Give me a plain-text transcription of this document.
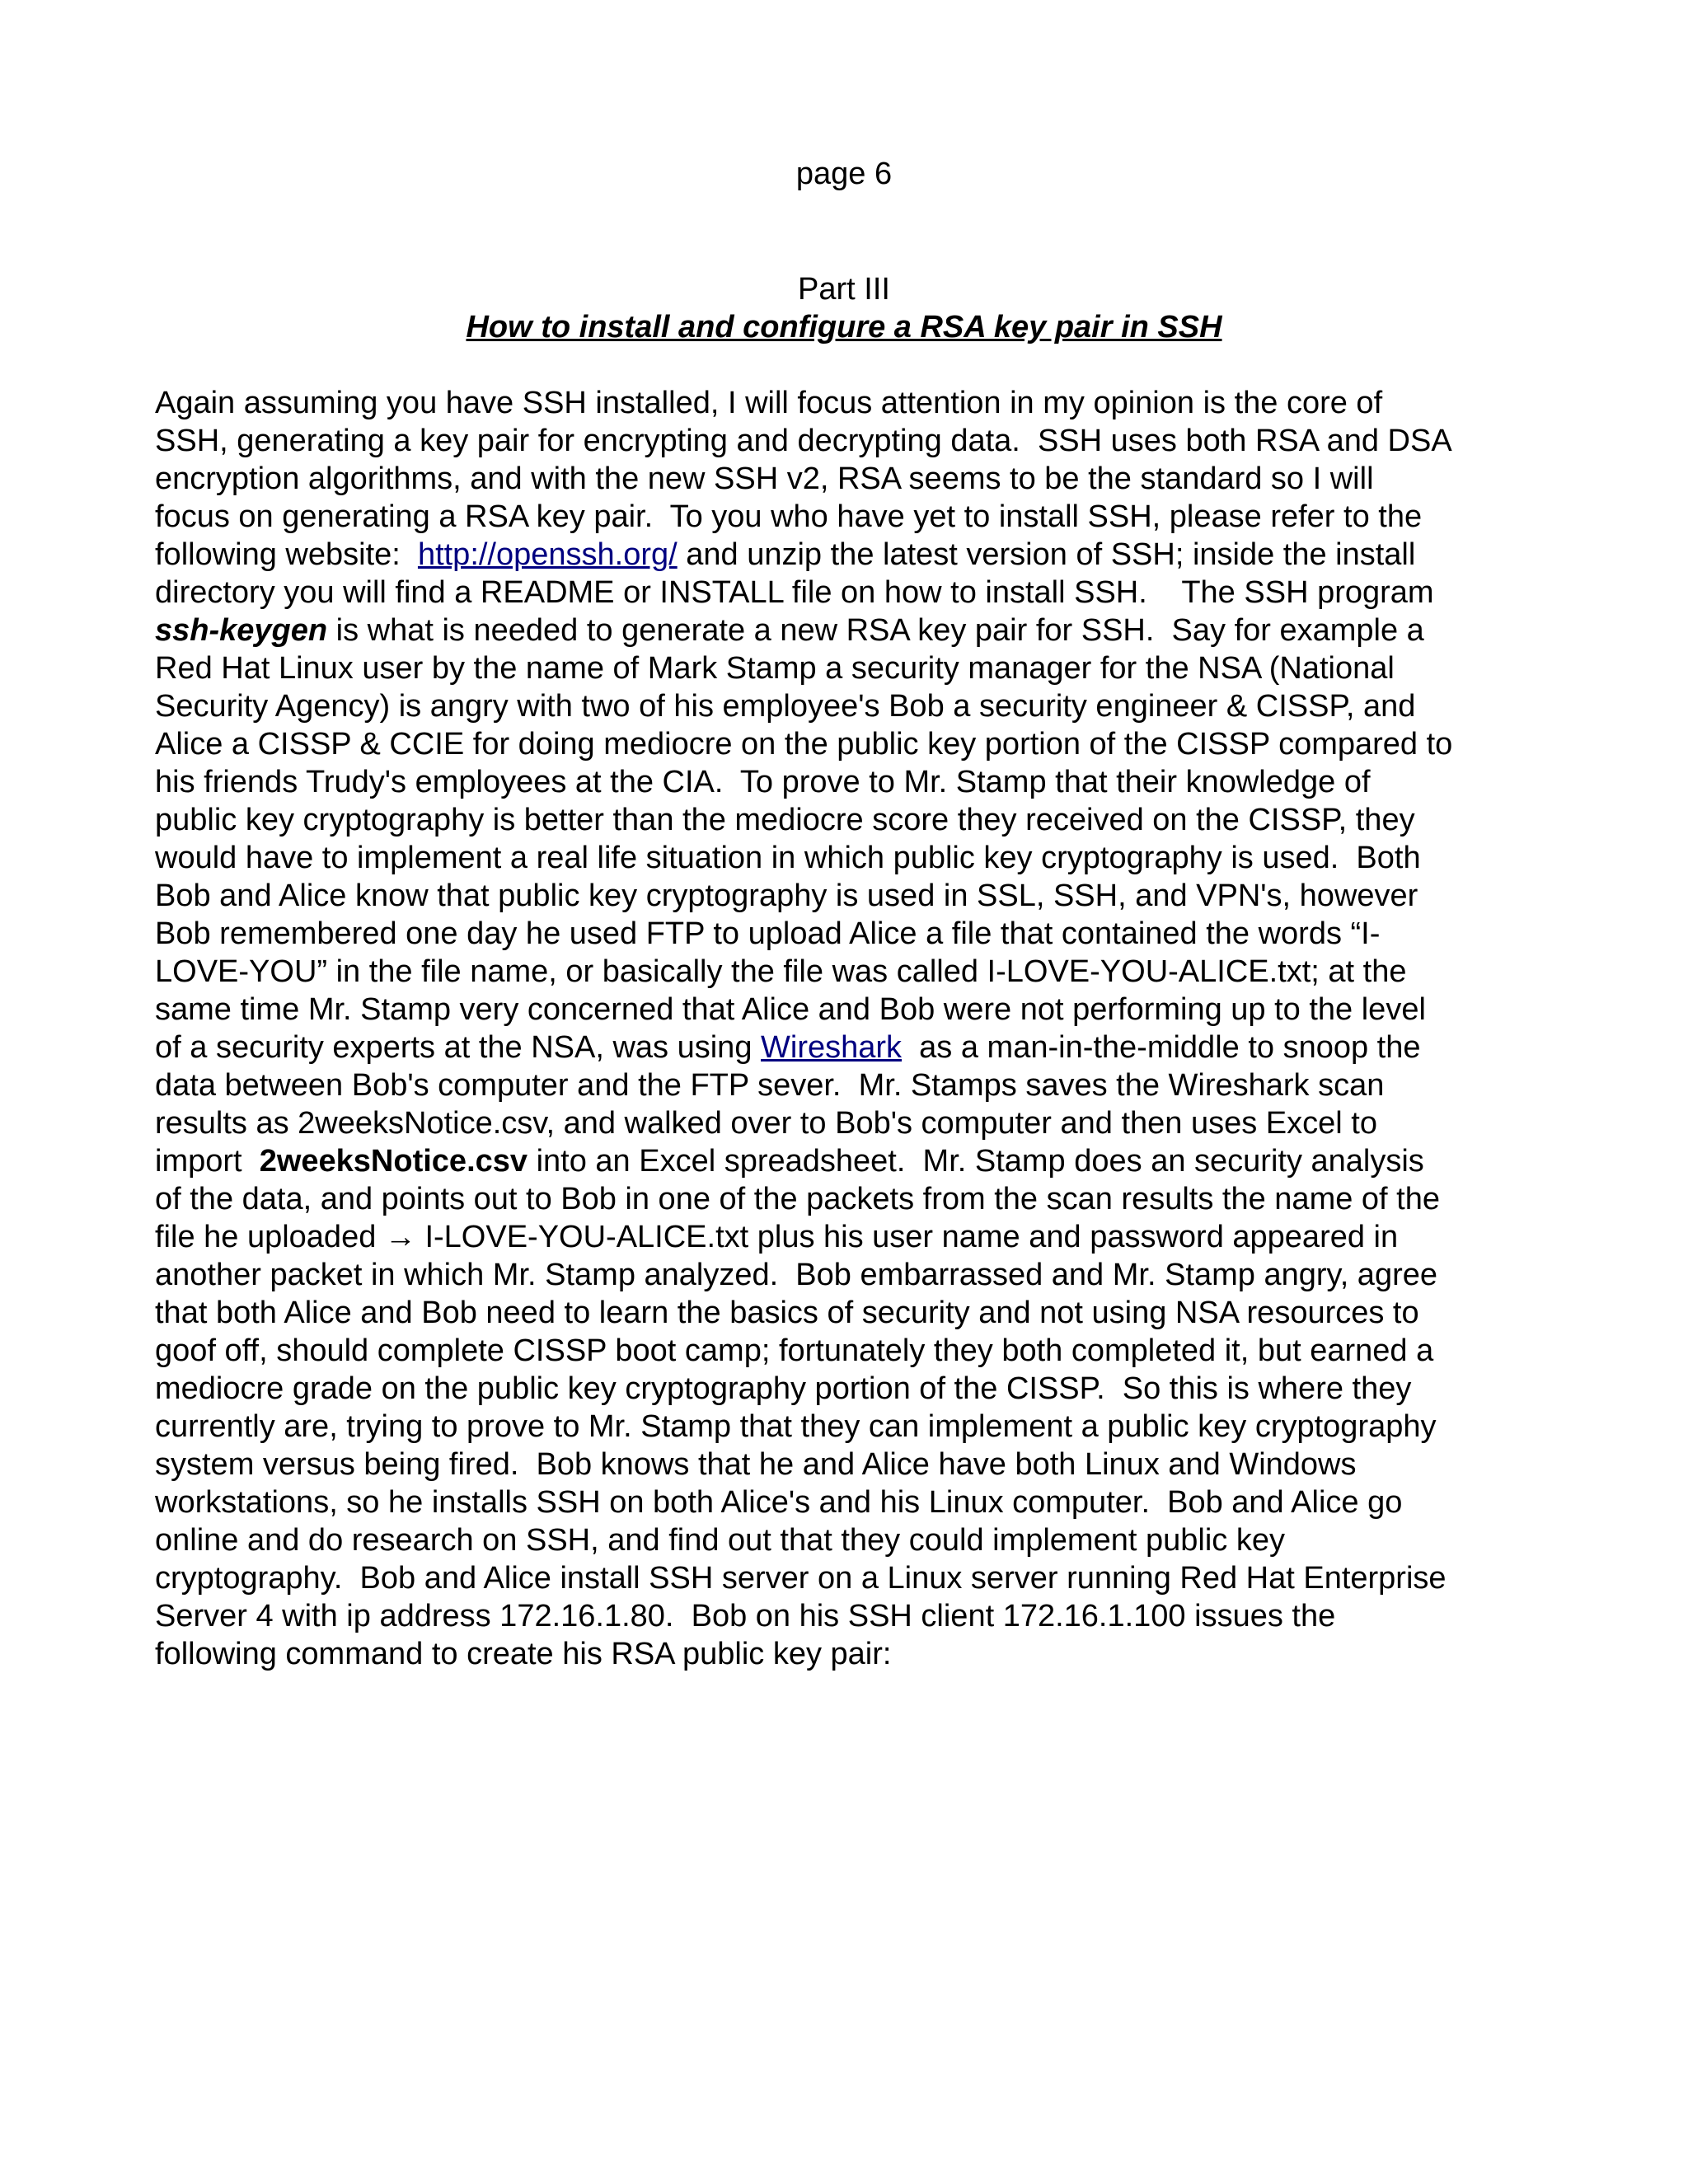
page 6
Part III
How to install and configure a RSA key pair in SSH
Again assuming you have SSH installed, I will focus attention in my opinion is the core of
SSH, generating a key pair for encrypting and decrypting data.  SSH uses both RSA and DSA
encryption algorithms, and with the new SSH v2, RSA seems to be the standard so I will
focus on generating a RSA key pair.  To you who have yet to install SSH, please refer to the
following website:  http://openssh.org/ and unzip the latest version of SSH; inside the install
directory you will find a README or INSTALL file on how to install SSH.    The SSH program
ssh-keygen is what is needed to generate a new RSA key pair for SSH.  Say for example a
Red Hat Linux user by the name of Mark Stamp a security manager for the NSA (National
Security Agency) is angry with two of his employee's Bob a security engineer & CISSP, and
Alice a CISSP & CCIE for doing mediocre on the public key portion of the CISSP compared to
his friends Trudy's employees at the CIA.  To prove to Mr. Stamp that their knowledge of
public key cryptography is better than the mediocre score they received on the CISSP, they
would have to implement a real life situation in which public key cryptography is used.  Both
Bob and Alice know that public key cryptography is used in SSL, SSH, and VPN's, however
Bob remembered one day he used FTP to upload Alice a file that contained the words “I-
LOVE-YOU” in the file name, or basically the file was called I-LOVE-YOU-ALICE.txt; at the
same time Mr. Stamp very concerned that Alice and Bob were not performing up to the level
of a security experts at the NSA, was using Wireshark  as a man-in-the-middle to snoop the
data between Bob's computer and the FTP sever.  Mr. Stamps saves the Wireshark scan
results as 2weeksNotice.csv, and walked over to Bob's computer and then uses Excel to
import  2weeksNotice.csv into an Excel spreadsheet.  Mr. Stamp does an security analysis
of the data, and points out to Bob in one of the packets from the scan results the name of the
file he uploaded → I-LOVE-YOU-ALICE.txt plus his user name and password appeared in
another packet in which Mr. Stamp analyzed.  Bob embarrassed and Mr. Stamp angry, agree
that both Alice and Bob need to learn the basics of security and not using NSA resources to
goof off, should complete CISSP boot camp; fortunately they both completed it, but earned a
mediocre grade on the public key cryptography portion of the CISSP.  So this is where they
currently are, trying to prove to Mr. Stamp that they can implement a public key cryptography
system versus being fired.  Bob knows that he and Alice have both Linux and Windows
workstations, so he installs SSH on both Alice's and his Linux computer.  Bob and Alice go
online and do research on SSH, and find out that they could implement public key
cryptography.  Bob and Alice install SSH server on a Linux server running Red Hat Enterprise
Server 4 with ip address 172.16.1.80.  Bob on his SSH client 172.16.1.100 issues the
following command to create his RSA public key pair:
